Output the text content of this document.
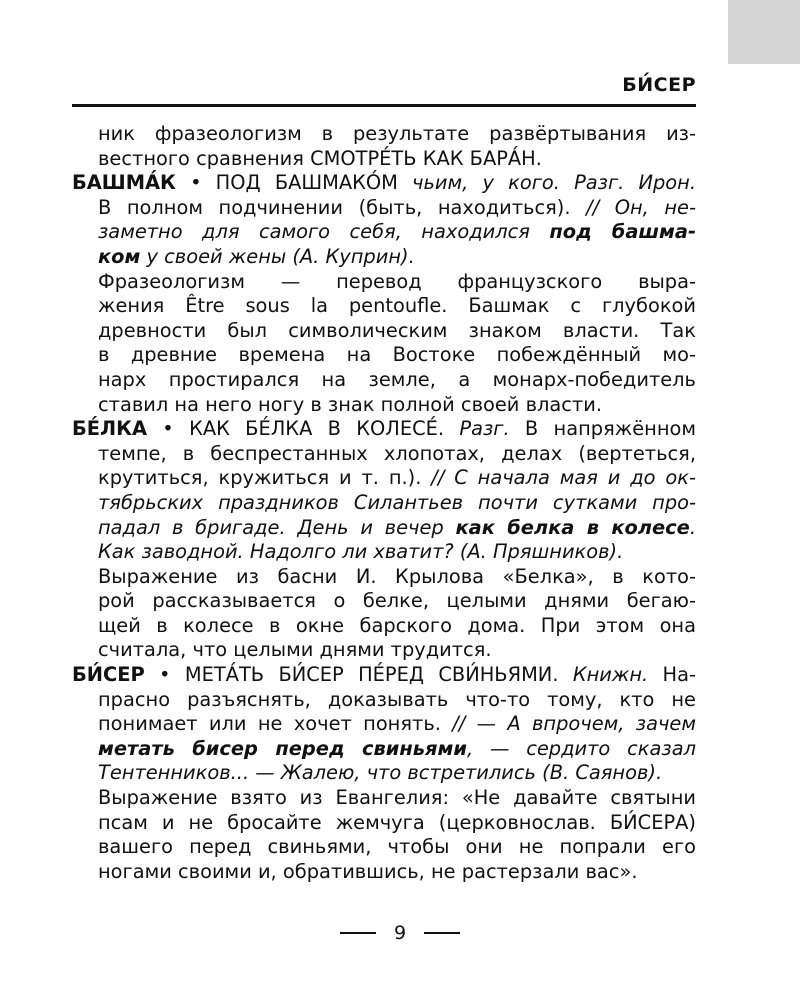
БИ́СЕР

ник фразеологизм в результате развёртывания из-
вестного сравнения СМОТРЕ́ТЬ КАК БАРА́Н.

БАШМА́К • ПОД БАШМАКО́М чьим, у кого. Разг. Ирон.
В полном подчинении (быть, находиться). // Он, не-
заметно для самого себя, находился под башма-
ком у своей жены (А. Куприн).

Фразеологизм — перевод французского выра-
жения Être sous la pentoufle. Башмак с глубокой
древности был символическим знаком власти. Так
в древние времена на Востоке побеждённый мо-
нарх простирался на земле, а монарх-победитель
ставил на него ногу в знак полной своей власти.

БЕ́ЛКА • КАК БЕ́ЛКА В КОЛЕСЕ́. Разг. В напряжённом
темпе, в беспрестанных хлопотах, делах (вертеться,
крутиться, кружиться и т. п.). // С начала мая и до ок-
тябрьских праздников Силантьев почти сутками про-
падал в бригаде. День и вечер как белка в колесе.
Как заводной. Надолго ли хватит? (А. Пряшников).

Выражение из басни И. Крылова «Белка», в кото-
рой рассказывается о белке, целыми днями бегаю-
щей в колесе в окне барского дома. При этом она
считала, что целыми днями трудится.

БИ́СЕР • МЕТА́ТЬ БИ́СЕР ПЕ́РЕД СВИ́НЬЯМИ. Книжн. На-
прасно разъяснять, доказывать что-то тому, кто не
понимает или не хочет понять. // — А впрочем, зачем
метать бисер перед свиньями, — сердито сказал
Тентенников... — Жалею, что встретились (В. Саянов).

Выражение взято из Евангелия: «Не давайте святыни
псам и не бросайте жемчуга (церковнослав. БИ́СЕРА)
вашего перед свиньями, чтобы они не попрали его
ногами своими и, обратившись, не растерзали вас».

9
